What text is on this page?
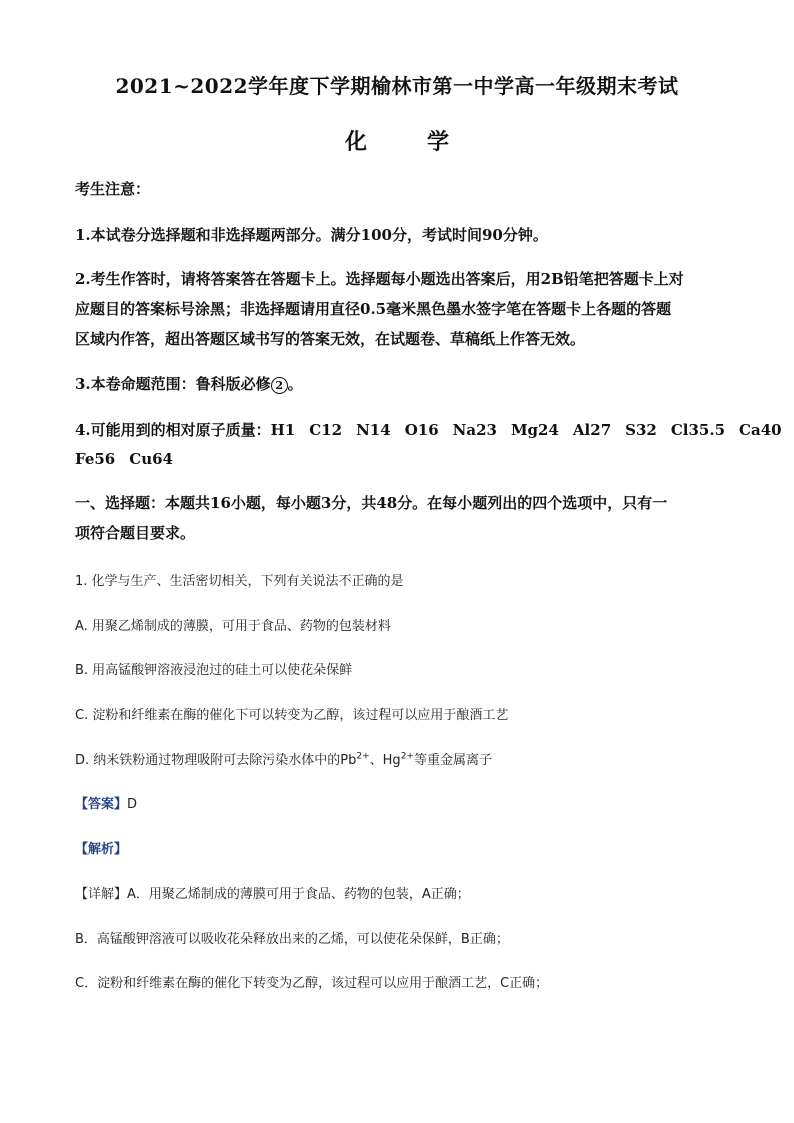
2021~2022学年度下学期榆林市第一中学高一年级期末考试
化	学
考生注意：
1.本试卷分选择题和非选择题两部分。满分100分，考试时间90分钟。
2.考生作答时，请将答案答在答题卡上。选择题每小题选出答案后，用2B铅笔把答题卡上对
应题目的答案标号涂黑；非选择题请用直径0.5毫米黑色墨水签字笔在答题卡上各题的答题
区域内作答，超出答题区域书写的答案无效，在试题卷、草稿纸上作答无效。
3.本卷命题范围：鲁科版必修 2 。
4.可能用到的相对原子质量：H1 C12 N14 O16 Na23 Mg24 Al27 S32 Cl35.5 Ca40
Fe56 Cu64
一、选择题：本题共16小题，每小题3分，共48分。在每小题列出的四个选项中，只有一
项符合题目要求。
1. 化学与生产、生活密切相关，下列有关说法不正确的是
A. 用聚乙烯制成的薄膜，可用于食品、药物的包装材料
B. 用高锰酸钾溶液浸泡过的硅土可以使花朵保鲜
C. 淀粉和纤维素在酶的催化下可以转变为乙醇，该过程可以应用于酿酒工艺
D. 纳米铁粉通过物理吸附可去除污染水体中的$Pb^{2+}$、$Hg^{2+}$等重金属离子
【答案】D
【解析】
【详解】A．用聚乙烯制成的薄膜可用于食品、药物的包装，A正确；
B．高锰酸钾溶液可以吸收花朵释放出来的乙烯，可以使花朵保鲜，B正确；
C．淀粉和纤维素在酶的催化下转变为乙醇，该过程可以应用于酿酒工艺，C正确；
